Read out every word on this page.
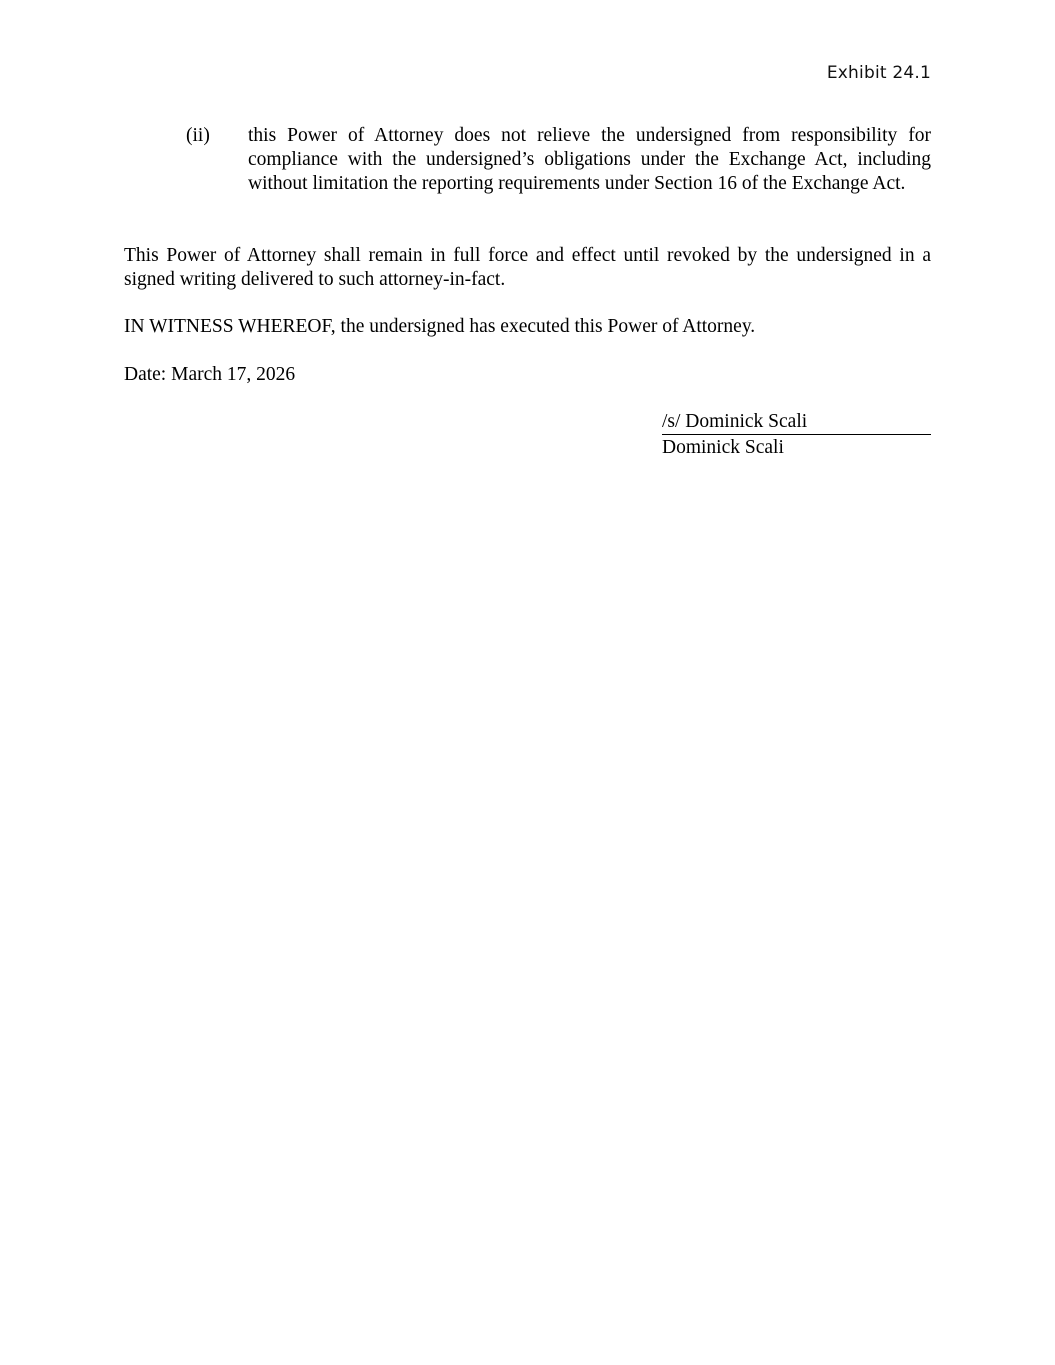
Exhibit 24.1
(ii)	this Power of Attorney does not relieve the undersigned from responsibility for compliance with the undersigned’s obligations under the Exchange Act, including without limitation the reporting requirements under Section 16 of the Exchange Act.

This Power of Attorney shall remain in full force and effect until revoked by the undersigned in a signed writing delivered to such attorney-in-fact.

IN WITNESS WHEREOF, the undersigned has executed this Power of Attorney.

Date: March 17, 2026

/s/ Dominick Scali
Dominick Scali
